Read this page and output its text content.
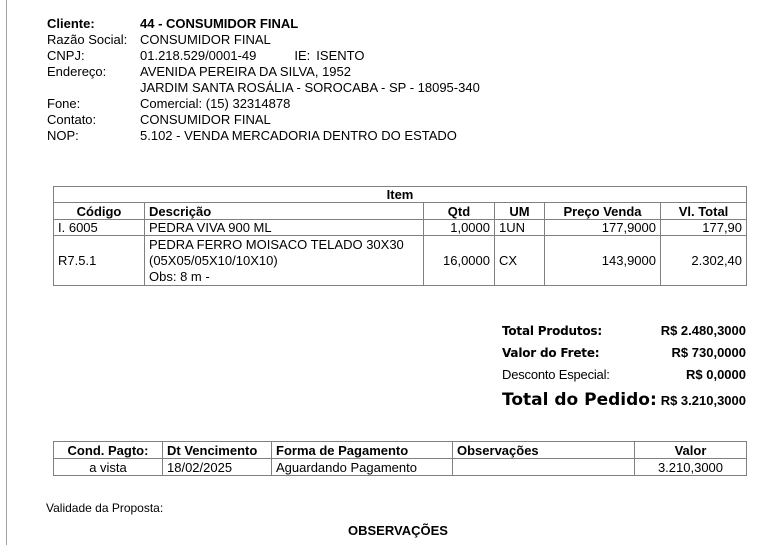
Cliente:	44 - CONSUMIDOR FINAL
Razão Social: CONSUMIDOR FINAL
CNPJ:	01.218.529/0001-49	IE: ISENTO
Endereço:	AVENIDA PEREIRA DA SILVA, 1952
JARDIM SANTA ROSÁLIA - SOROCABA - SP - 18095-340
Fone:	Comercial: (15) 32314878
Contato:	CONSUMIDOR FINAL
NOP:	5.102 - VENDA MERCADORIA DENTRO DO ESTADO
Item					
Código	Descrição	Qtd	UM	Preço Venda	Vl. Total
I. 6005	PEDRA VIVA 900 ML	1,0000	1UN	177,9000	177,90
R7.5.1	PEDRA FERRO MOISACO TELADO 30X30
(05X05/05X10/10X10)
Obs: 8 m -	16,0000	CX	143,9000	2.302,40
Total Produtos:	R$ 2.480,3000
Valor do Frete:	R$ 730,0000
Desconto Especial:	R$ 0,0000
Total do Pedido: R$ 3.210,3000
Cond. Pagto:	Dt Vencimento	Forma de Pagamento	Observações	Valor
a vista	18/02/2025	Aguardando Pagamento		3.210,3000
Validade da Proposta:
OBSERVAÇÕES
